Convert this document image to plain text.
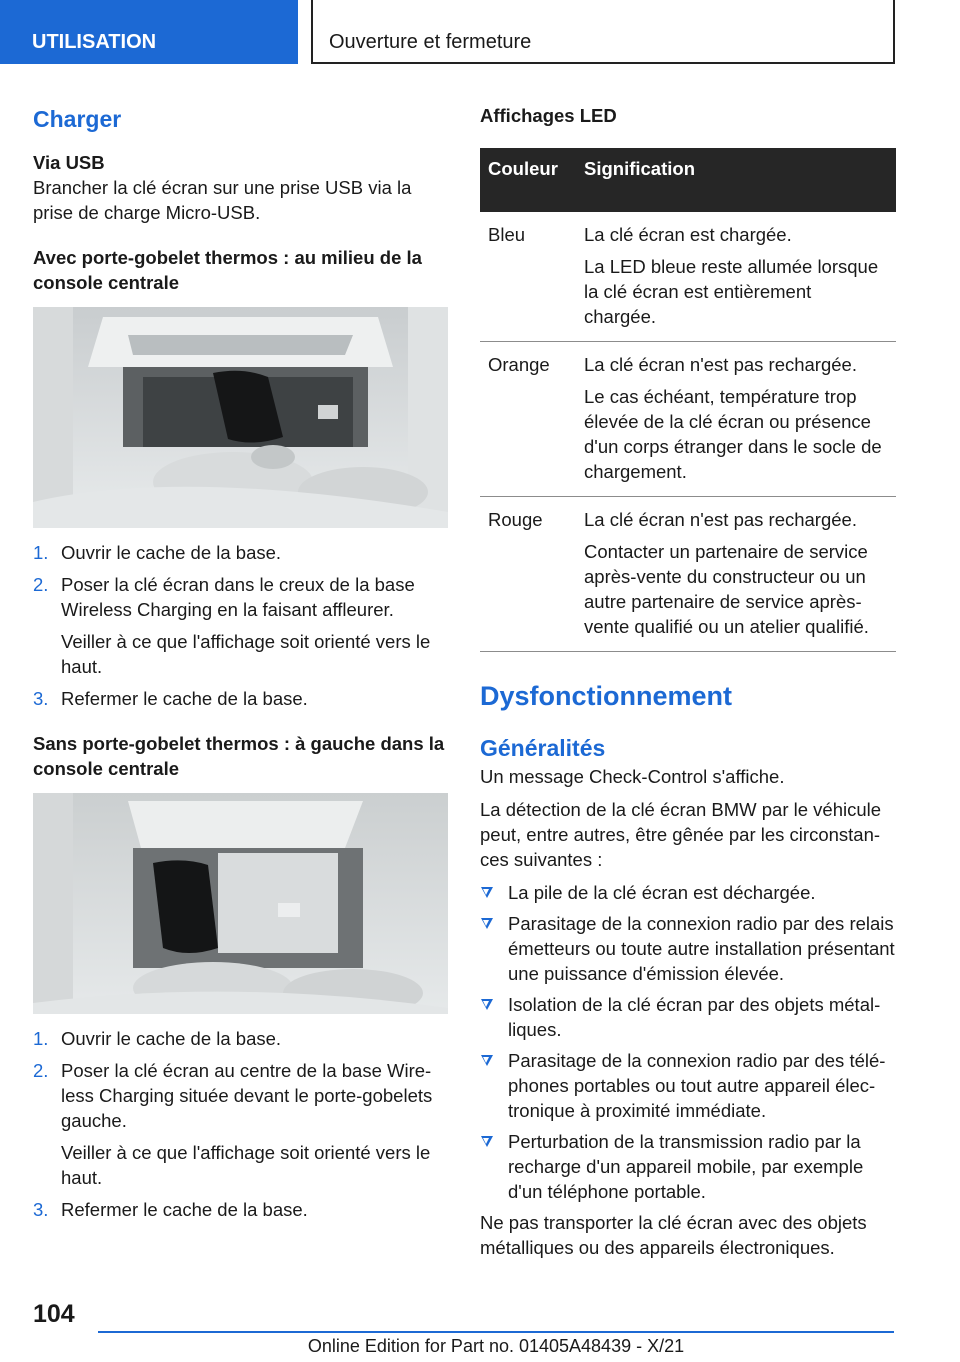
UTILISATION	Ouverture et fermeture
Charger

Via USB

Brancher la clé écran sur une prise USB via la prise de charge Micro-USB.

Avec porte-gobelet thermos : au milieu de la console centrale

1. Ouvrir le cache de la base.
2. Poser la clé écran dans le creux de la base Wireless Charging en la faisant affleurer.
Veiller à ce que l'affichage soit orienté vers le haut.
3. Refermer le cache de la base.

Sans porte-gobelet thermos : à gauche dans la console centrale

1. Ouvrir le cache de la base.
2. Poser la clé écran au centre de la base Wireless Charging située devant le porte-gobelets gauche.
Veiller à ce que l'affichage soit orienté vers le haut.
3. Refermer le cache de la base.

Affichages LED

Couleur	Signification
Bleu	La clé écran est chargée.
La LED bleue reste allumée lorsque la clé écran est entièrement chargée.

Orange	La clé écran n'est pas rechargée.
Le cas échéant, température trop élevée de la clé écran ou présence d'un corps étranger dans le socle de chargement.

Rouge	La clé écran n'est pas rechargée.
Contacter un partenaire de service après-vente du constructeur ou un autre partenaire de service après-vente qualifié ou un atelier qualifié.
Dysfonctionnement
Généralités

Un message Check-Control s'affiche.

La détection de la clé écran BMW par le véhicule peut, entre autres, être gênée par les circonstances suivantes :

La pile de la clé écran est déchargée.
Parasitage de la connexion radio par des relais émetteurs ou toute autre installation présentant une puissance d'émission élevée.
Isolation de la clé écran par des objets métalliques.
Parasitage de la connexion radio par des téléphones portables ou tout autre appareil électronique à proximité immédiate.
Perturbation de la transmission radio par la recharge d'un appareil mobile, par exemple d'un téléphone portable.

Ne pas transporter la clé écran avec des objets métalliques ou des appareils électroniques.

104
Online Edition for Part no. 01405A48439 - X/21
